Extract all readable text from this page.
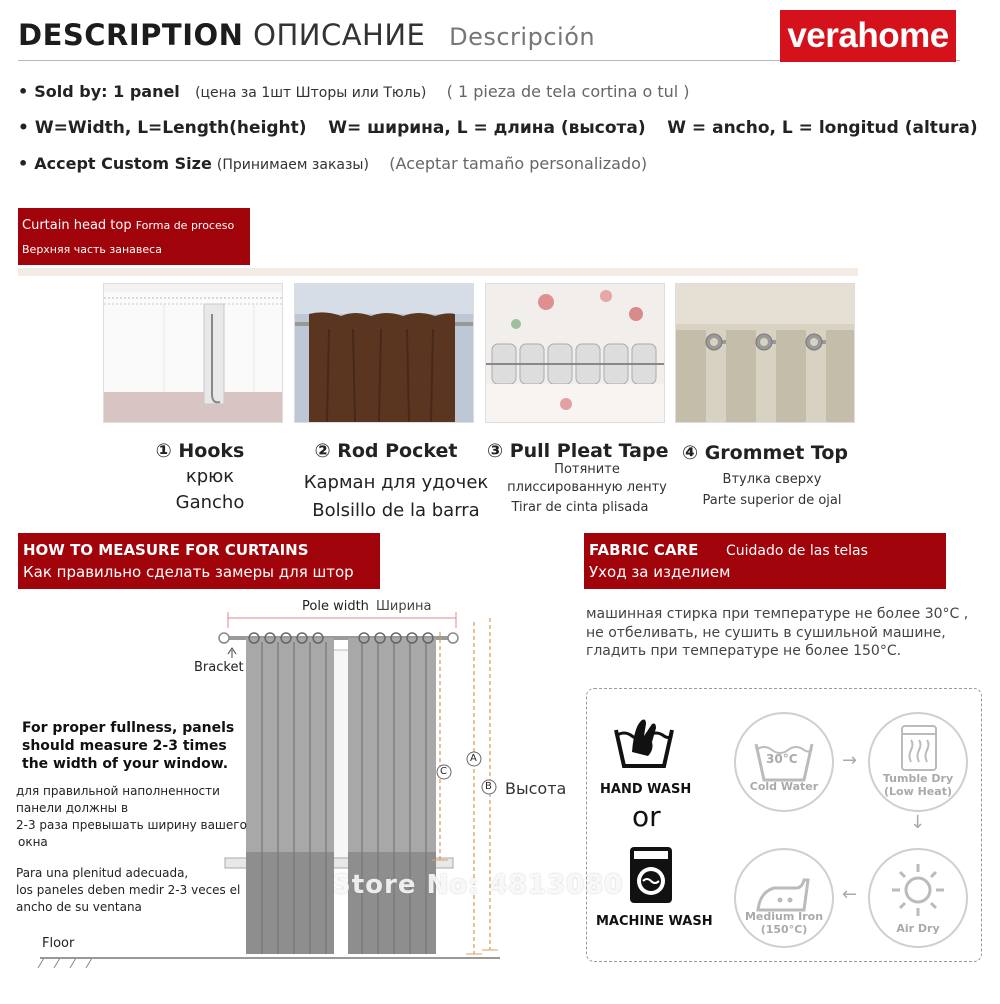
DESCRIPTION ОПИСАНИЕ Descripción	verahome
• Sold by: 1 panel (цена за 1шт Шторы или Тюль) ( 1 pieza de tela cortina o tul )
• W=Width, L=Length(height) W= ширина, L = длина (высота) W = ancho, L = longitud (altura)
• Accept Custom Size (Принимаем заказы) (Aceptar tamaño personalizado)
Curtain head top Forma de proceso
Верхняя часть занавеса
① Hooks
крюк
Gancho
② Rod Pocket
Карман для удочек
Bolsillo de la barra
③ Pull Pleat Tape
Потяните
плиссированную ленту
Tirar de cinta plisada
④ Grommet Top
Втулка сверху
Parte superior de ojal
HOW TO MEASURE FOR CURTAINS
Как правильно сделать замеры для штор
Pole width Ширина
Bracket
A
B
C
Высота
Floor
For proper fullness, panels
should measure 2-3 times
the width of your window.
для правильной наполненности
панели должны в
2-3 раза превышать ширину вашего
окна
Para una plenitud adecuada,
los paneles deben medir 2-3 veces el
ancho de su ventana
Store No: 4813080
FABRIC CARE Cuidado de las telas
Уход за изделием
машинная стирка при температуре не более 30°C ,
не отбеливать, не сушить в сушильной машине,
гладить при температуре не более 150°C.
HAND WASH
or
MACHINE WASH
30°C
Cold Water
→
Tumble Dry
(Low Heat)
↓
Air Dry
←
Medium Iron
(150°C)
